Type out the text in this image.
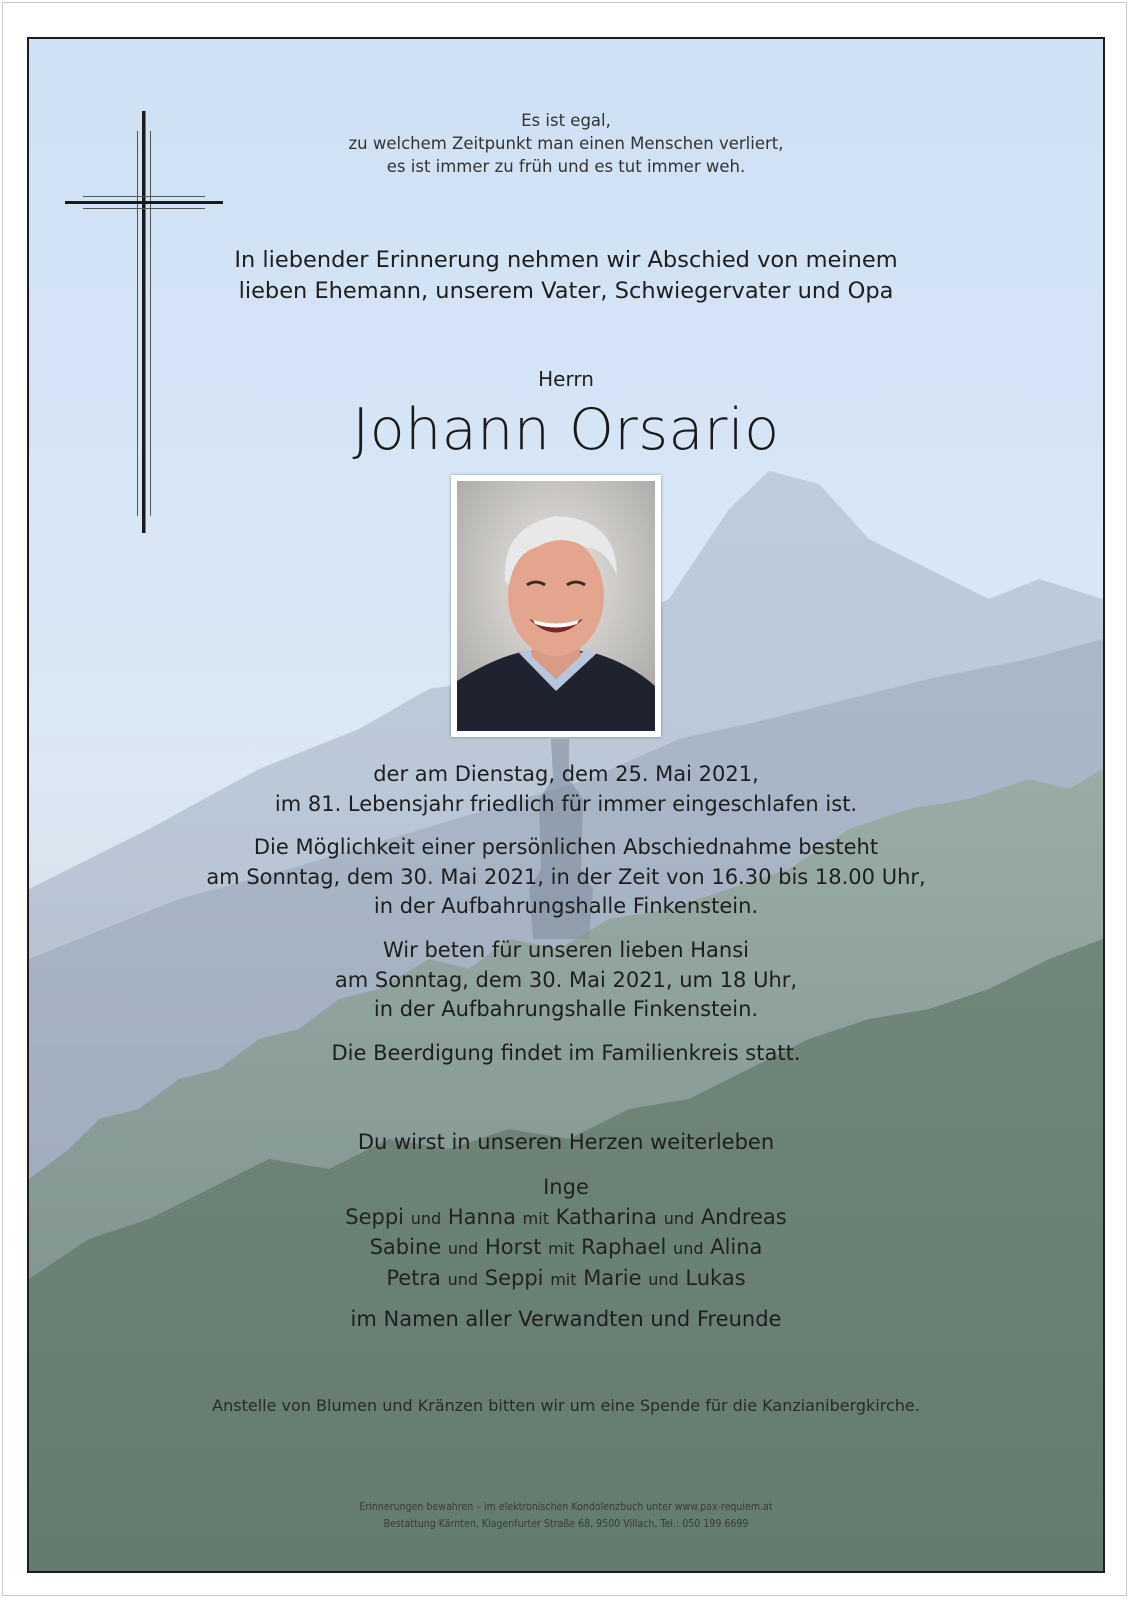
Es ist egal,
zu welchem Zeitpunkt man einen Menschen verliert,
es ist immer zu früh und es tut immer weh.
In liebender Erinnerung nehmen wir Abschied von meinem
lieben Ehemann, unserem Vater, Schwiegervater und Opa
Herrn
Johann Orsario
der am Dienstag, dem 25. Mai 2021,
im 81. Lebensjahr friedlich für immer eingeschlafen ist.
Die Möglichkeit einer persönlichen Abschiednahme besteht
am Sonntag, dem 30. Mai 2021, in der Zeit von 16.30 bis 18.00 Uhr,
in der Aufbahrungshalle Finkenstein.
Wir beten für unseren lieben Hansi
am Sonntag, dem 30. Mai 2021, um 18 Uhr,
in der Aufbahrungshalle Finkenstein.
Die Beerdigung findet im Familienkreis statt.
Du wirst in unseren Herzen weiterleben
Inge
Seppi und Hanna mit Katharina und Andreas
Sabine und Horst mit Raphael und Alina
Petra und Seppi mit Marie und Lukas
im Namen aller Verwandten und Freunde
Anstelle von Blumen und Kränzen bitten wir um eine Spende für die Kanzianibergkirche.
Erinnerungen bewahren – im elektronischen Kondolenzbuch unter www.pax-requiem.at
Bestattung Kärnten, Klagenfurter Straße 68, 9500 Villach, Tel.: 050 199 6699
